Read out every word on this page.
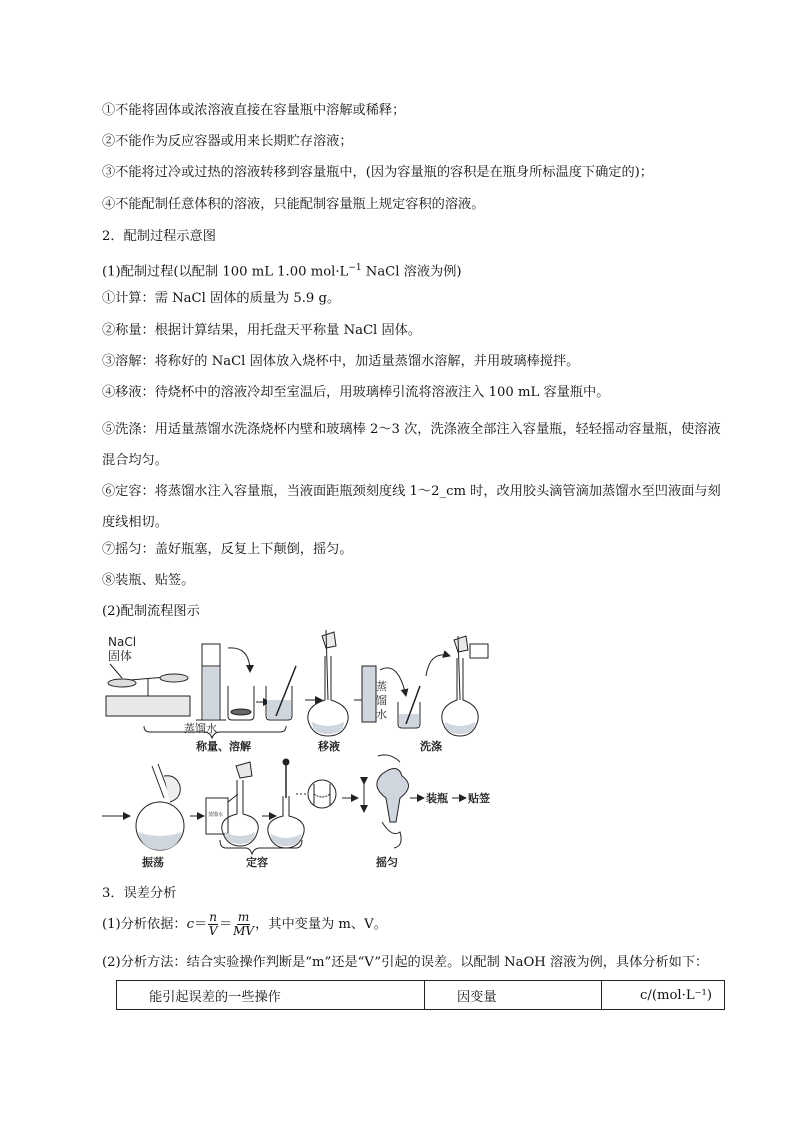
①不能将固体或浓溶液直接在容量瓶中溶解或稀释；
②不能作为反应容器或用来长期贮存溶液；
③不能将过冷或过热的溶液转移到容量瓶中，(因为容量瓶的容积是在瓶身所标温度下确定的)；
④不能配制任意体积的溶液，只能配制容量瓶上规定容积的溶液。
2．配制过程示意图
(1)配制过程(以配制 100 mL 1.00 $mol\cdot L^{-1}$ NaCl 溶液为例)
①计算：需 NaCl 固体的质量为 5.9 g。
②称量：根据计算结果，用托盘天平称量 NaCl 固体。
③溶解：将称好的 NaCl 固体放入烧杯中，加适量蒸馏水溶解，并用玻璃棒搅拌。
④移液：待烧杯中的溶液冷却至室温后，用玻璃棒引流将溶液注入 100 mL 容量瓶中。
⑤洗涤：用适量蒸馏水洗涤烧杯内壁和玻璃棒 2～3 次，洗涤液全部注入容量瓶，轻轻摇动容量瓶，使溶液混合均匀。
⑥定容：将蒸馏水注入容量瓶，当液面距瓶颈刻度线 1～2_cm 时，改用胶头滴管滴加蒸馏水至凹液面与刻度线相切。
⑦摇匀：盖好瓶塞，反复上下颠倒，摇匀。
⑧装瓶、贴签。
(2)配制流程图示
NaCl
固体
蒸馏水
称量、溶解	移液
蒸
馏
水
洗涤
振荡
蒸馏水
定容	摇匀
装瓶 贴签
3．误差分析
(1)分析依据：$c= \frac{n}{V} = \frac{m}{MV}$ ，其中变量为 m、V。
(2)分析方法：结合实验操作判断是“m”还是“V”引起的误差。以配制 NaOH 溶液为例，具体分析如下：
能引起误差的一些操作	因变量	c/(mol·L⁻¹)
